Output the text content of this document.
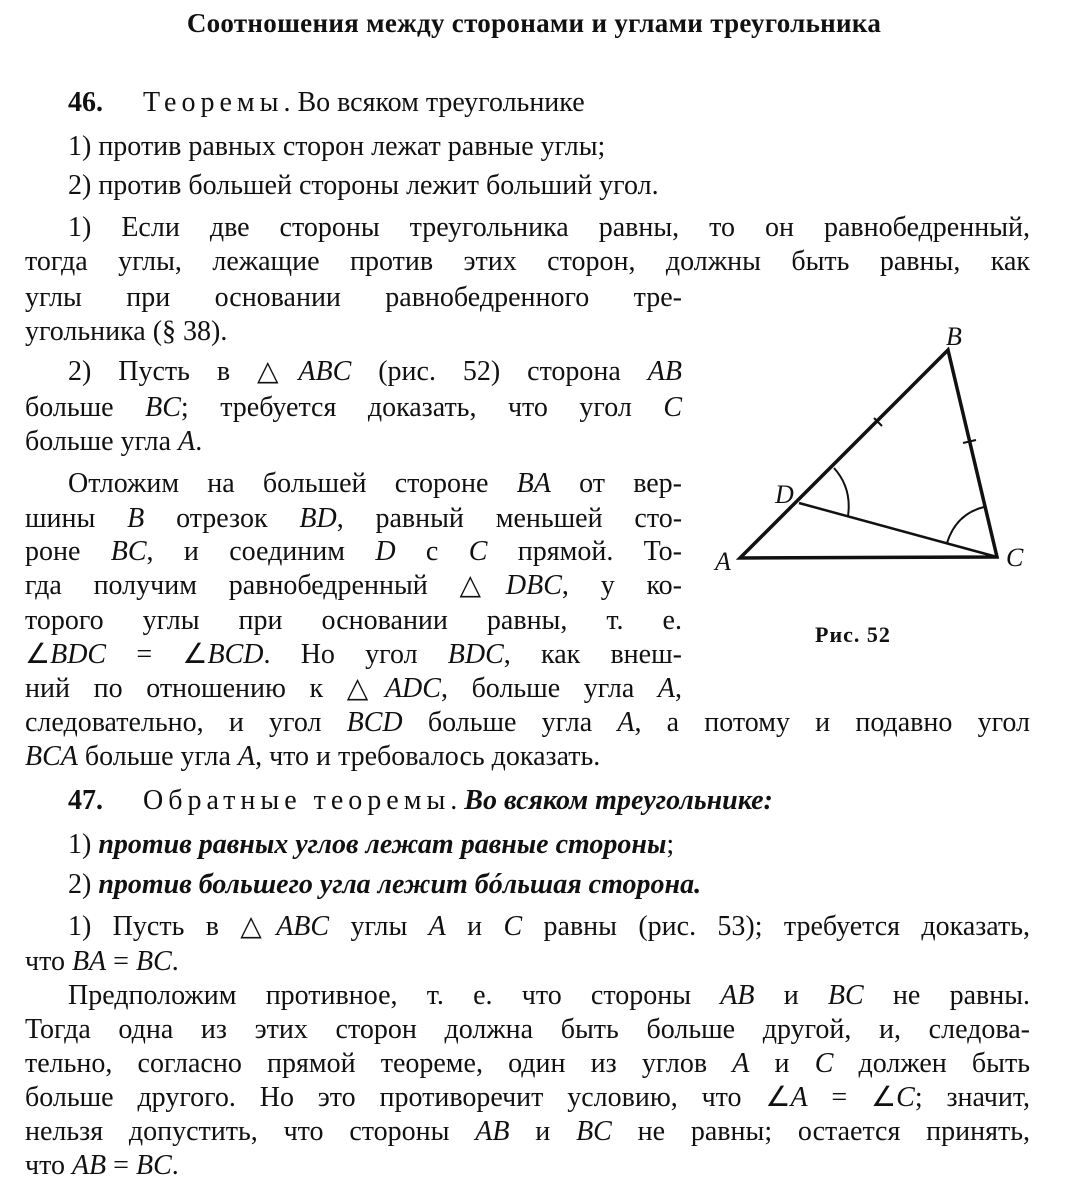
Соотношения между сторонами и углами треугольника
46. Теоремы. Во всяком треугольнике
1) против равных сторон лежат равные углы;
2) против большей стороны лежит больший угол.
1) Если две стороны треугольника равны, то он равнобедренный,
тогда углы, лежащие против этих сторон, должны быть равны, как
углы при основании равнобедренного тре-
угольника (§ 38).
2) Пусть в △ABC (рис. 52) сторона AB
больше BC; требуется доказать, что угол C
больше угла A.
Отложим на большей стороне BA от вер-
шины B отрезок BD, равный меньшей сто-
роне BC, и соединим D с C прямой. То-
гда получим равнобедренный △DBC, у ко-
торого углы при основании равны, т. е.
∠BDC = ∠BCD. Но угол BDC, как внеш-
ний по отношению к △ADC, больше угла A,
следовательно, и угол BCD больше угла A, а потому и подавно угол
BCA больше угла A, что и требовалось доказать.
47. Обратные теоремы. Во всяком треугольнике:
1) против равных углов лежат равные стороны;
2) против большего угла лежит бóльшая сторона.
1) Пусть в △ABC углы A и C равны (рис. 53); требуется доказать,
что BA = BC.
Предположим противное, т. е. что стороны AB и BC не равны.
Тогда одна из этих сторон должна быть больше другой, и, следова-
тельно, согласно прямой теореме, один из углов A и C должен быть
больше другого. Но это противоречит условию, что ∠A = ∠C; значит,
нельзя допустить, что стороны AB и BC не равны; остается принять,
что AB = BC.
B
D
A	C
Рис. 52
